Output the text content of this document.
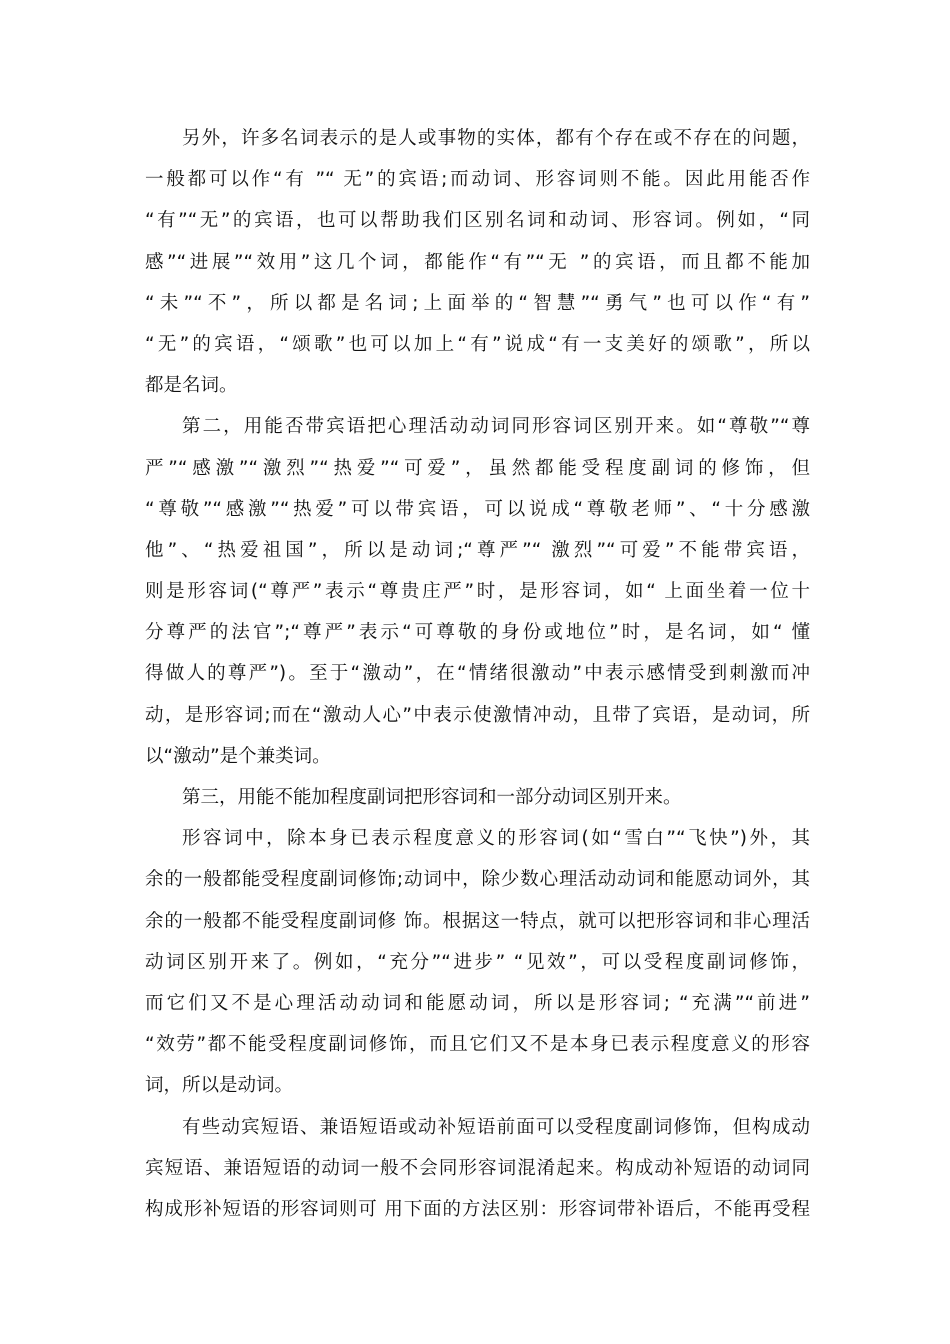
另外，许多名词表示的是人或事物的实体，都有个存在或不存在的问题，
一般都可以作“有 ”“ 无”的宾语;而动词、形容词则不能。因此用能否作
“有”“无”的宾语，也可以帮助我们区别名词和动词、形容词。例如，“同
感”“进展”“效用”这几个词，都能作“有”“无 ”的宾语，而且都不能加
“未”“不”，所以都是名词;上面举的“智慧”“勇气”也可以作“有”
“无”的宾语，“颂歌”也可以加上“有”说成“有一支美好的颂歌”，所以
都是名词。
第二，用能否带宾语把心理活动动词同形容词区别开来。如“尊敬”“尊
严”“感激”“激烈”“热爱”“可爱”，虽然都能受程度副词的修饰，但
“尊敬”“感激”“热爱”可以带宾语，可以说成“尊敬老师”、“十分感激
他”、“热爱祖国”，所以是动词;“尊严”“ 激烈”“可爱”不能带宾语，
则是形容词(“尊严”表示“尊贵庄严”时，是形容词，如“ 上面坐着一位十
分尊严的法官”;“尊严”表示“可尊敬的身份或地位”时，是名词，如“ 懂
得做人的尊严”)。至于“激动”，在“情绪很激动”中表示感情受到刺激而冲
动，是形容词;而在“激动人心”中表示使激情冲动，且带了宾语，是动词，所
以“激动”是个兼类词。
第三，用能不能加程度副词把形容词和一部分动词区别开来。
形容词中，除本身已表示程度意义的形容词(如“雪白”“飞快”)外，其
余的一般都能受程度副词修饰;动词中，除少数心理活动动词和能愿动词外，其
余的一般都不能受程度副词修 饰。根据这一特点，就可以把形容词和非心理活
动词区别开来了。例如，“充分”“进步” “见效”，可以受程度副词修饰，
而它们又不是心理活动动词和能愿动词，所以是形容词; “充满”“前进”
“效劳”都不能受程度副词修饰，而且它们又不是本身已表示程度意义的形容
词，所以是动词。
有些动宾短语、兼语短语或动补短语前面可以受程度副词修饰，但构成动
宾短语、兼语短语的动词一般不会同形容词混淆起来。构成动补短语的动词同
构成形补短语的形容词则可 用下面的方法区别：形容词带补语后，不能再受程
